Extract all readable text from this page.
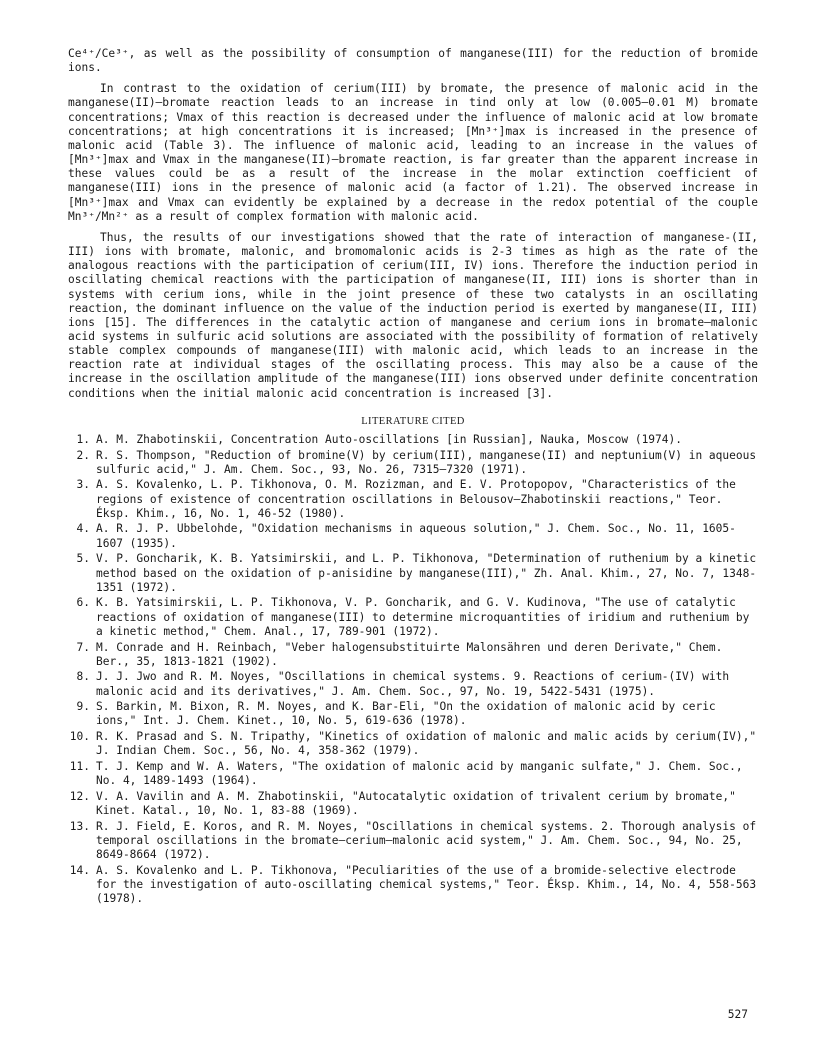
Ce⁴⁺/Ce³⁺, as well as the possibility of consumption of manganese(III) for the reduction of bromide ions.

In contrast to the oxidation of cerium(III) by bromate, the presence of malonic acid in the manganese(II)—bromate reaction leads to an increase in tind only at low (0.005–0.01 M) bromate concentrations; Vmax of this reaction is decreased under the influence of malonic acid at low bromate concentrations; at high concentrations it is increased; [Mn³⁺]max is increased in the presence of malonic acid (Table 3). The influence of malonic acid, leading to an increase in the values of [Mn³⁺]max and Vmax in the manganese(II)—bromate reaction, is far greater than the apparent increase in these values could be as a result of the increase in the molar extinction coefficient of manganese(III) ions in the presence of malonic acid (a factor of 1.21). The observed increase in [Mn³⁺]max and Vmax can evidently be explained by a decrease in the redox potential of the couple Mn³⁺/Mn²⁺ as a result of complex formation with malonic acid.

Thus, the results of our investigations showed that the rate of interaction of manganese-(II, III) ions with bromate, malonic, and bromomalonic acids is 2-3 times as high as the rate of the analogous reactions with the participation of cerium(III, IV) ions. Therefore the induction period in oscillating chemical reactions with the participation of manganese(II, III) ions is shorter than in systems with cerium ions, while in the joint presence of these two catalysts in an oscillating reaction, the dominant influence on the value of the induction period is exerted by manganese(II, III) ions [15]. The differences in the catalytic action of manganese and cerium ions in bromate—malonic acid systems in sulfuric acid solutions are associated with the possibility of formation of relatively stable complex compounds of manganese(III) with malonic acid, which leads to an increase in the reaction rate at individual stages of the oscillating process. This may also be a cause of the increase in the oscillation amplitude of the manganese(III) ions observed under definite concentration conditions when the initial malonic acid concentration is increased [3].

LITERATURE CITED
1. A. M. Zhabotinskii, Concentration Auto-oscillations [in Russian], Nauka, Moscow (1974).
2. R. S. Thompson, "Reduction of bromine(V) by cerium(III), manganese(II) and neptunium(V) in aqueous sulfuric acid," J. Am. Chem. Soc., 93, No. 26, 7315–7320 (1971).
3. A. S. Kovalenko, L. P. Tikhonova, O. M. Rozizman, and E. V. Protopopov, "Characteristics of the regions of existence of concentration oscillations in Belousov—Zhabotinskii reactions," Teor. Éksp. Khim., 16, No. 1, 46-52 (1980).
4. A. R. J. P. Ubbelohde, "Oxidation mechanisms in aqueous solution," J. Chem. Soc., No. 11, 1605-1607 (1935).
5. V. P. Goncharik, K. B. Yatsimirskii, and L. P. Tikhonova, "Determination of ruthenium by a kinetic method based on the oxidation of p-anisidine by manganese(III)," Zh. Anal. Khim., 27, No. 7, 1348-1351 (1972).
6. K. B. Yatsimirskii, L. P. Tikhonova, V. P. Goncharik, and G. V. Kudinova, "The use of catalytic reactions of oxidation of manganese(III) to determine microquantities of iridium and ruthenium by a kinetic method," Chem. Anal., 17, 789-901 (1972).
7. M. Conrade and H. Reinbach, "Veber halogensubstituirte Malonsähren und deren Derivate," Chem. Ber., 35, 1813-1821 (1902).
8. J. J. Jwo and R. M. Noyes, "Oscillations in chemical systems. 9. Reactions of cerium-(IV) with malonic acid and its derivatives," J. Am. Chem. Soc., 97, No. 19, 5422-5431 (1975).
9. S. Barkin, M. Bixon, R. M. Noyes, and K. Bar-Eli, "On the oxidation of malonic acid by ceric ions," Int. J. Chem. Kinet., 10, No. 5, 619-636 (1978).
10. R. K. Prasad and S. N. Tripathy, "Kinetics of oxidation of malonic and malic acids by cerium(IV)," J. Indian Chem. Soc., 56, No. 4, 358-362 (1979).
11. T. J. Kemp and W. A. Waters, "The oxidation of malonic acid by manganic sulfate," J. Chem. Soc., No. 4, 1489-1493 (1964).
12. V. A. Vavilin and A. M. Zhabotinskii, "Autocatalytic oxidation of trivalent cerium by bromate," Kinet. Katal., 10, No. 1, 83-88 (1969).
13. R. J. Field, E. Koros, and R. M. Noyes, "Oscillations in chemical systems. 2. Thorough analysis of temporal oscillations in the bromate—cerium—malonic acid system," J. Am. Chem. Soc., 94, No. 25, 8649-8664 (1972).
14. A. S. Kovalenko and L. P. Tikhonova, "Peculiarities of the use of a bromide-selective electrode for the investigation of auto-oscillating chemical systems," Teor. Éksp. Khim., 14, No. 4, 558-563 (1978).
527
